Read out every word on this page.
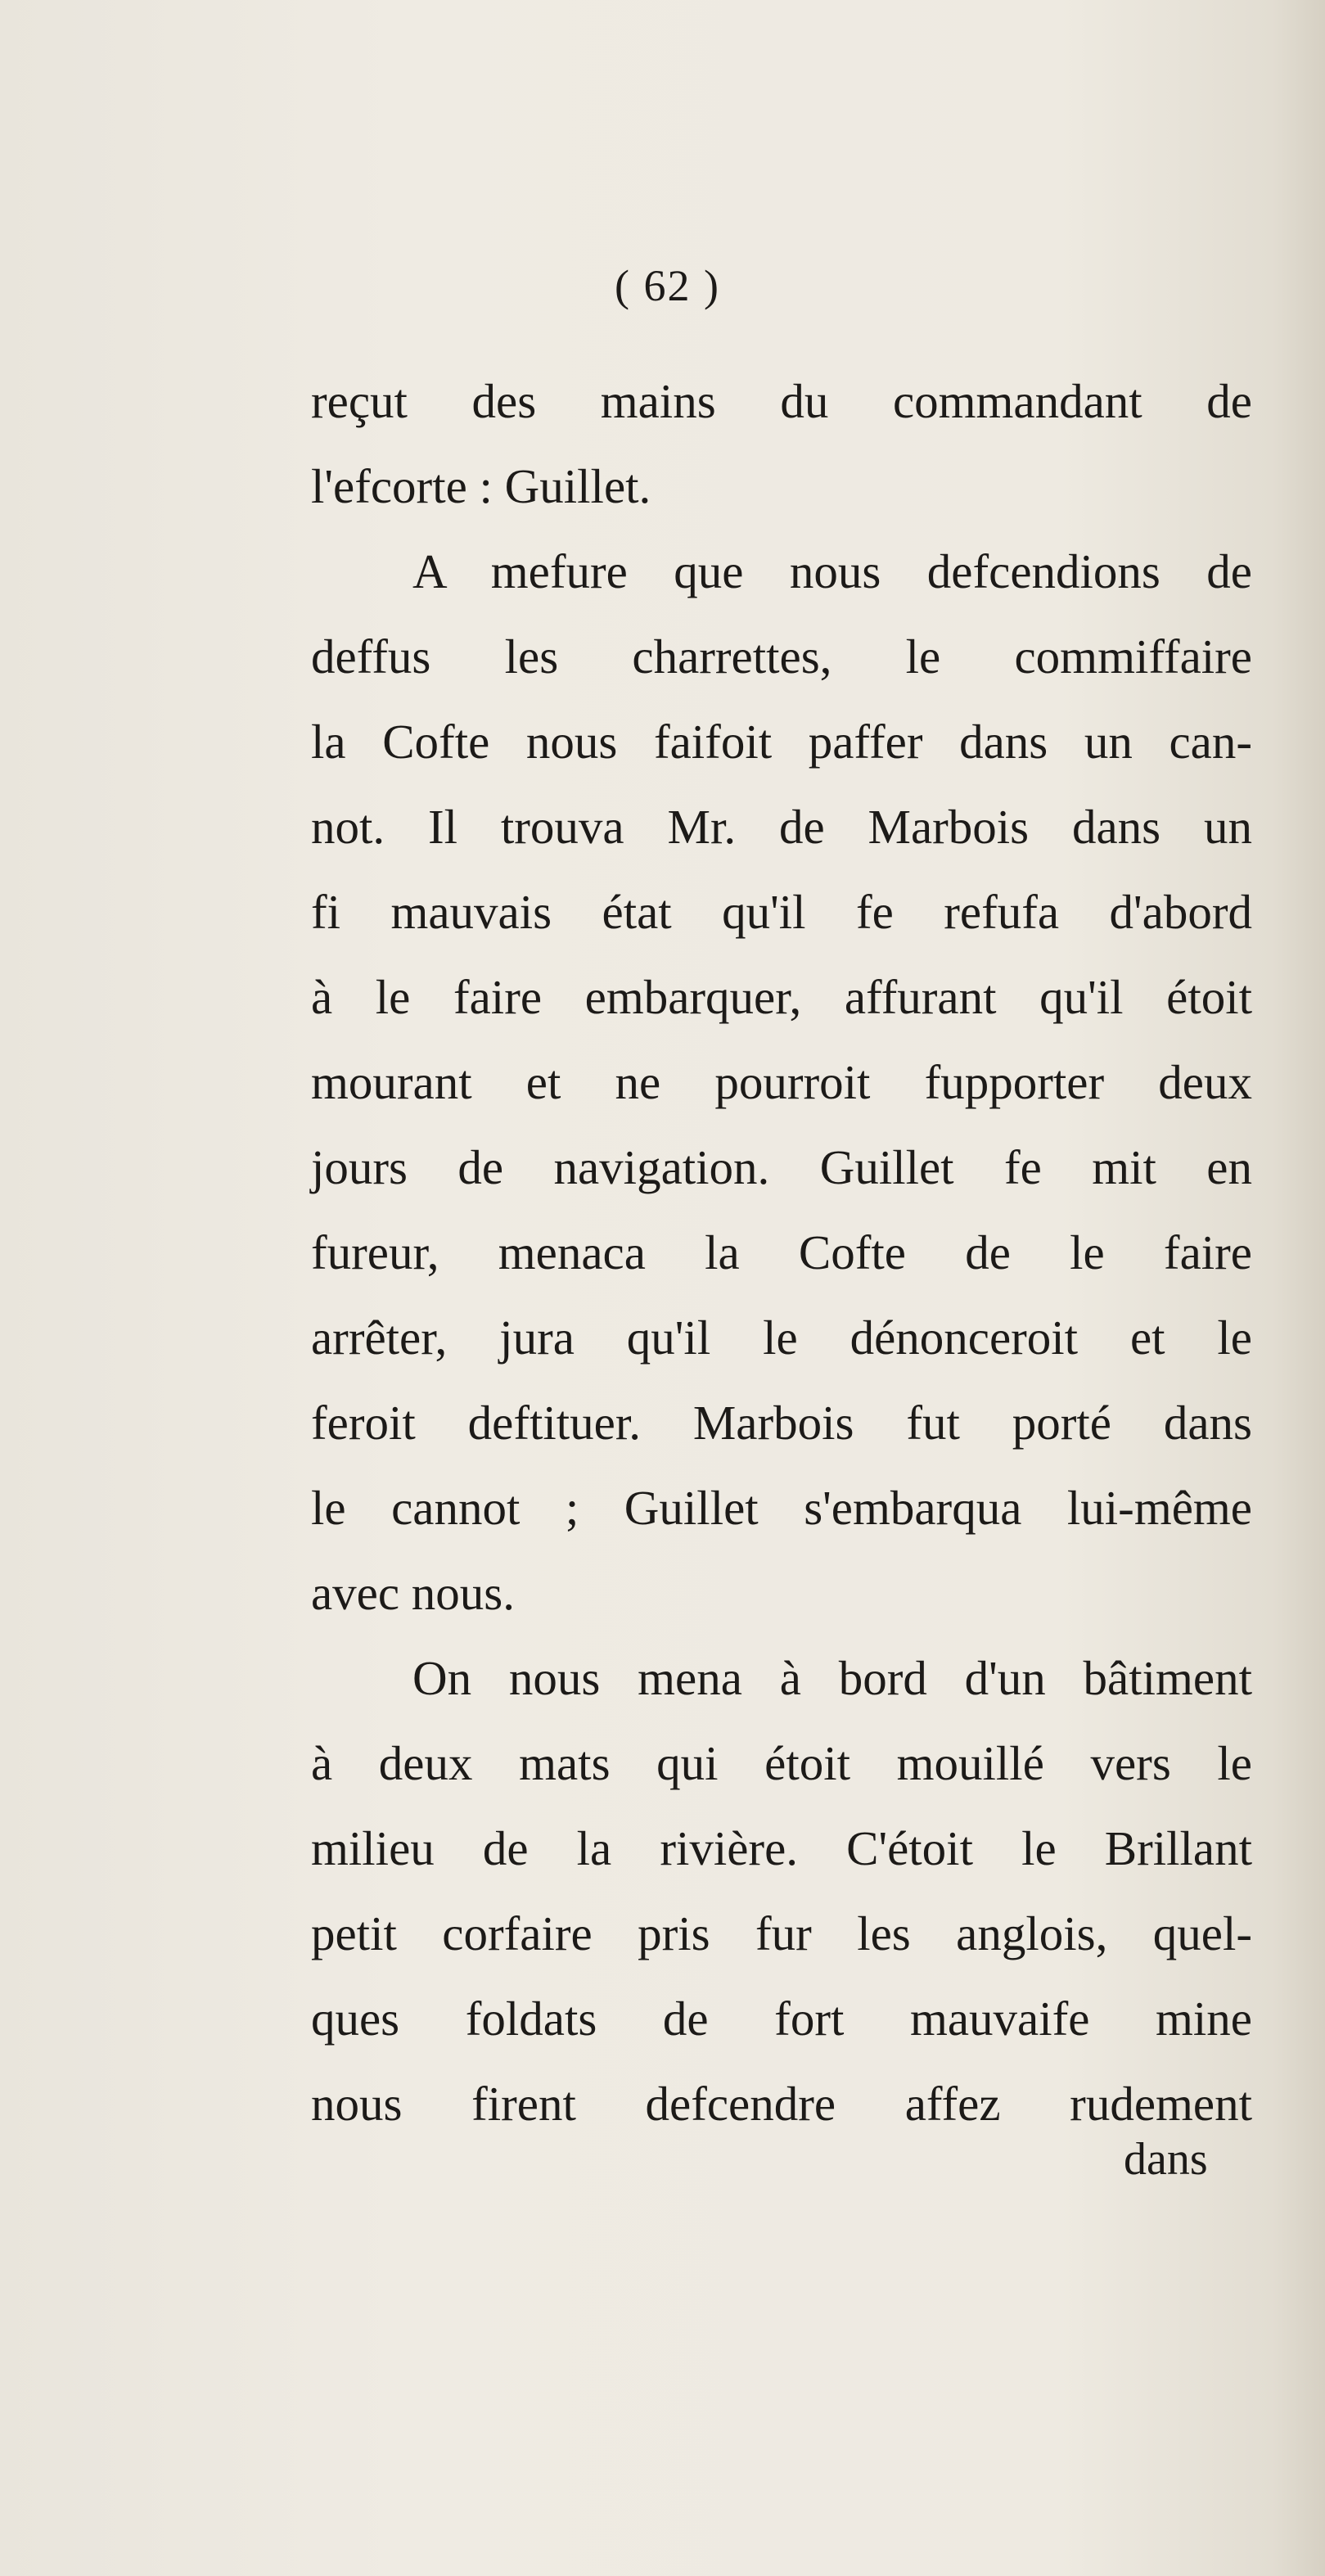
( 62 )
reçut des mains du commandant de
l'efcorte : Guillet.
A mefure que nous defcendions de
deffus les charrettes, le commiffaire
la Cofte nous faifoit paffer dans un can-
not. Il trouva Mr. de Marbois dans un
fi mauvais état qu'il fe refufa d'abord
à le faire embarquer, affurant qu'il étoit
mourant et ne pourroit fupporter deux
jours de navigation. Guillet fe mit en
fureur, menaca la Cofte de le faire
arrêter, jura qu'il le dénonceroit et le
feroit deftituer. Marbois fut porté dans
le cannot ; Guillet s'embarqua lui-même
avec nous.
On nous mena à bord d'un bâtiment
à deux mats qui étoit mouillé vers le
milieu de la rivière. C'étoit le Brillant
petit corfaire pris fur les anglois, quel-
ques foldats de fort mauvaife mine
nous firent defcendre affez rudement
dans
